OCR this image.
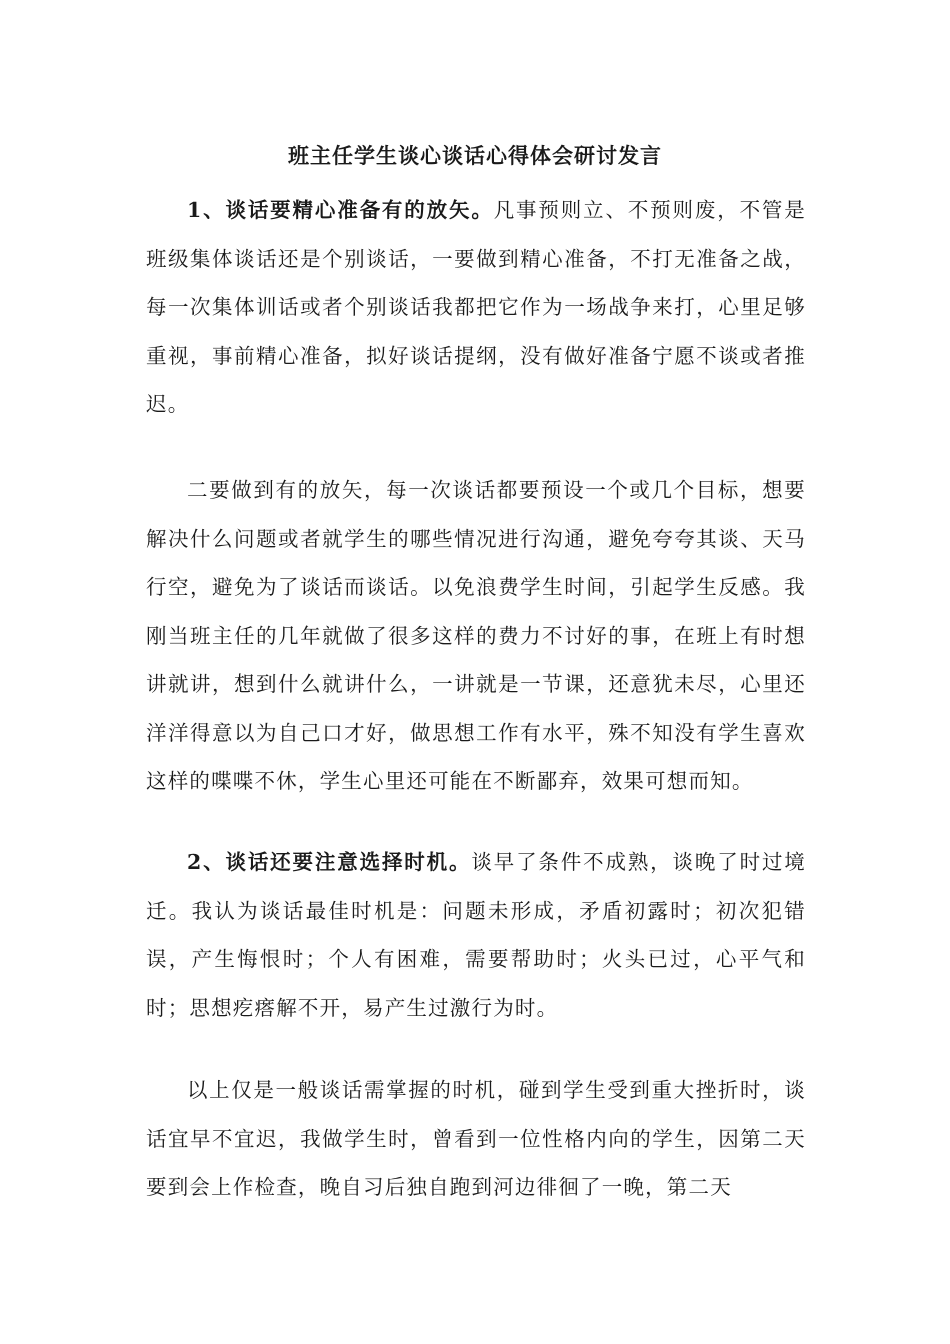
班主任学生谈心谈话心得体会研讨发言

1、谈话要精心准备有的放矢。凡事预则立、不预则废，不管是班级集体谈话还是个别谈话，一要做到精心准备，不打无准备之战，每一次集体训话或者个别谈话我都把它作为一场战争来打，心里足够重视，事前精心准备，拟好谈话提纲，没有做好准备宁愿不谈或者推迟。

二要做到有的放矢，每一次谈话都要预设一个或几个目标，想要解决什么问题或者就学生的哪些情况进行沟通，避免夸夸其谈、天马行空，避免为了谈话而谈话。以免浪费学生时间，引起学生反感。我刚当班主任的几年就做了很多这样的费力不讨好的事，在班上有时想讲就讲，想到什么就讲什么，一讲就是一节课，还意犹未尽，心里还洋洋得意以为自己口才好，做思想工作有水平，殊不知没有学生喜欢这样的喋喋不休，学生心里还可能在不断鄙弃，效果可想而知。

2、谈话还要注意选择时机。谈早了条件不成熟，谈晚了时过境迁。我认为谈话最佳时机是：问题未形成，矛盾初露时；初次犯错误，产生悔恨时；个人有困难，需要帮助时；火头已过，心平气和时；思想疙瘩解不开，易产生过激行为时。

以上仅是一般谈话需掌握的时机，碰到学生受到重大挫折时，谈话宜早不宜迟，我做学生时，曾看到一位性格内向的学生，因第二天要到会上作检查，晚自习后独自跑到河边徘徊了一晚，第二天
